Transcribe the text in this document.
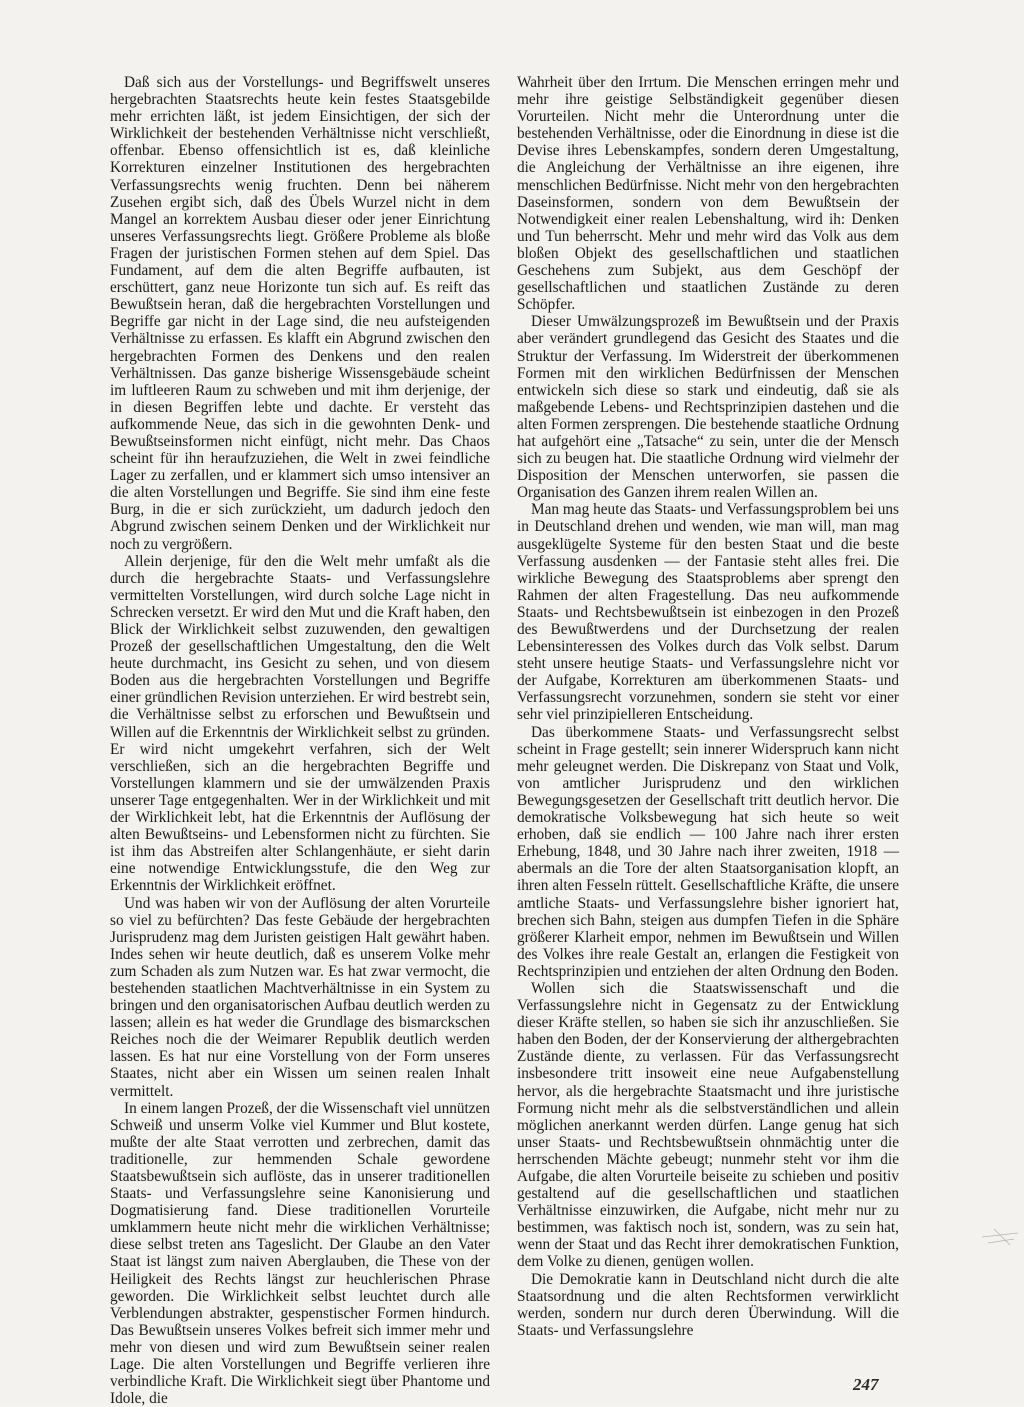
Daß sich aus der Vorstellungs- und Begriffswelt unseres hergebrachten Staatsrechts heute kein festes Staatsgebilde mehr errichten läßt, ist jedem Einsichtigen, der sich der Wirklichkeit der bestehenden Verhältnisse nicht verschließt, offenbar. Ebenso offensichtlich ist es, daß kleinliche Korrekturen einzelner Institutionen des hergebrachten Verfassungsrechts wenig fruchten. Denn bei näherem Zusehen ergibt sich, daß des Übels Wurzel nicht in dem Mangel an korrektem Ausbau dieser oder jener Einrichtung unseres Verfassungsrechts liegt. Größere Probleme als bloße Fragen der juristischen Formen stehen auf dem Spiel. Das Fundament, auf dem die alten Begriffe aufbauten, ist erschüttert, ganz neue Horizonte tun sich auf. Es reift das Bewußtsein heran, daß die hergebrachten Vorstellungen und Begriffe gar nicht in der Lage sind, die neu aufsteigenden Verhältnisse zu erfassen. Es klafft ein Abgrund zwischen den hergebrachten Formen des Denkens und den realen Verhältnissen. Das ganze bisherige Wissensgebäude scheint im luftleeren Raum zu schweben und mit ihm derjenige, der in diesen Begriffen lebte und dachte. Er versteht das aufkommende Neue, das sich in die gewohnten Denk- und Bewußtseinsformen nicht einfügt, nicht mehr. Das Chaos scheint für ihn heraufzuziehen, die Welt in zwei feindliche Lager zu zerfallen, und er klammert sich umso intensiver an die alten Vorstellungen und Begriffe. Sie sind ihm eine feste Burg, in die er sich zurückzieht, um dadurch jedoch den Abgrund zwischen seinem Denken und der Wirklichkeit nur noch zu vergrößern.

Allein derjenige, für den die Welt mehr umfaßt als die durch die hergebrachte Staats- und Verfassungslehre vermittelten Vorstellungen, wird durch solche Lage nicht in Schrecken versetzt. Er wird den Mut und die Kraft haben, den Blick der Wirklichkeit selbst zuzuwenden, den gewaltigen Prozeß der gesellschaftlichen Umgestaltung, den die Welt heute durchmacht, ins Gesicht zu sehen, und von diesem Boden aus die hergebrachten Vorstellungen und Begriffe einer gründlichen Revision unterziehen. Er wird bestrebt sein, die Verhältnisse selbst zu erforschen und Bewußtsein und Willen auf die Erkenntnis der Wirklichkeit selbst zu gründen. Er wird nicht umgekehrt verfahren, sich der Welt verschließen, sich an die hergebrachten Begriffe und Vorstellungen klammern und sie der umwälzenden Praxis unserer Tage entgegenhalten. Wer in der Wirklichkeit und mit der Wirklichkeit lebt, hat die Erkenntnis der Auflösung der alten Bewußtseins- und Lebensformen nicht zu fürchten. Sie ist ihm das Abstreifen alter Schlangenhäute, er sieht darin eine notwendige Entwicklungsstufe, die den Weg zur Erkenntnis der Wirklichkeit eröffnet.

Und was haben wir von der Auflösung der alten Vorurteile so viel zu befürchten? Das feste Gebäude der hergebrachten Jurisprudenz mag dem Juristen geistigen Halt gewährt haben. Indes sehen wir heute deutlich, daß es unserem Volke mehr zum Schaden als zum Nutzen war. Es hat zwar vermocht, die bestehenden staatlichen Machtverhältnisse in ein System zu bringen und den organisatorischen Aufbau deutlich werden zu lassen; allein es hat weder die Grundlage des bismarckschen Reiches noch die der Weimarer Republik deutlich werden lassen. Es hat nur eine Vorstellung von der Form unseres Staates, nicht aber ein Wissen um seinen realen Inhalt vermittelt.

In einem langen Prozeß, der die Wissenschaft viel unnützen Schweiß und unserm Volke viel Kummer und Blut kostete, mußte der alte Staat verrotten und zerbrechen, damit das traditionelle, zur hemmenden Schale gewordene Staatsbewußtsein sich auflöste, das in unserer traditionellen Staats- und Verfassungslehre seine Kanonisierung und Dogmatisierung fand. Diese traditionellen Vorurteile umklammern heute nicht mehr die wirklichen Verhältnisse; diese selbst treten ans Tageslicht. Der Glaube an den Vater Staat ist längst zum naiven Aberglauben, die These von der Heiligkeit des Rechts längst zur heuchlerischen Phrase geworden. Die Wirklichkeit selbst leuchtet durch alle Verblendungen abstrakter, gespenstischer Formen hindurch. Das Bewußtsein unseres Volkes befreit sich immer mehr und mehr von diesen und wird zum Bewußtsein seiner realen Lage. Die alten Vorstellungen und Begriffe verlieren ihre verbindliche Kraft. Die Wirklichkeit siegt über Phantome und Idole, die

Wahrheit über den Irrtum. Die Menschen erringen mehr und mehr ihre geistige Selbständigkeit gegenüber diesen Vorurteilen. Nicht mehr die Unterordnung unter die bestehenden Verhältnisse, oder die Einordnung in diese ist die Devise ihres Lebenskampfes, sondern deren Umgestaltung, die Angleichung der Verhältnisse an ihre eigenen, ihre menschlichen Bedürfnisse. Nicht mehr von den hergebrachten Daseinsformen, sondern von dem Bewußtsein der Notwendigkeit einer realen Lebenshaltung, wird ih: Denken und Tun beherrscht. Mehr und mehr wird das Volk aus dem bloßen Objekt des gesellschaftlichen und staatlichen Geschehens zum Subjekt, aus dem Geschöpf der gesellschaftlichen und staatlichen Zustände zu deren Schöpfer.

Dieser Umwälzungsprozeß im Bewußtsein und der Praxis aber verändert grundlegend das Gesicht des Staates und die Struktur der Verfassung. Im Widerstreit der überkommenen Formen mit den wirklichen Bedürfnissen der Menschen entwickeln sich diese so stark und eindeutig, daß sie als maßgebende Lebens- und Rechtsprinzipien dastehen und die alten Formen zersprengen. Die bestehende staatliche Ordnung hat aufgehört eine „Tatsache“ zu sein, unter die der Mensch sich zu beugen hat. Die staatliche Ordnung wird vielmehr der Disposition der Menschen unterworfen, sie passen die Organisation des Ganzen ihrem realen Willen an.

Man mag heute das Staats- und Verfassungsproblem bei uns in Deutschland drehen und wenden, wie man will, man mag ausgeklügelte Systeme für den besten Staat und die beste Verfassung ausdenken — der Fantasie steht alles frei. Die wirkliche Bewegung des Staatsproblems aber sprengt den Rahmen der alten Fragestellung. Das neu aufkommende Staats- und Rechtsbewußtsein ist einbezogen in den Prozeß des Bewußtwerdens und der Durchsetzung der realen Lebensinteressen des Volkes durch das Volk selbst. Darum steht unsere heutige Staats- und Verfassungslehre nicht vor der Aufgabe, Korrekturen am überkommenen Staats- und Verfassungsrecht vorzunehmen, sondern sie steht vor einer sehr viel prinzipielleren Entscheidung.

Das überkommene Staats- und Verfassungsrecht selbst scheint in Frage gestellt; sein innerer Widerspruch kann nicht mehr geleugnet werden. Die Diskrepanz von Staat und Volk, von amtlicher Jurisprudenz und den wirklichen Bewegungsgesetzen der Gesellschaft tritt deutlich hervor. Die demokratische Volksbewegung hat sich heute so weit erhoben, daß sie endlich — 100 Jahre nach ihrer ersten Erhebung, 1848, und 30 Jahre nach ihrer zweiten, 1918 — abermals an die Tore der alten Staatsorganisation klopft, an ihren alten Fesseln rüttelt. Gesellschaftliche Kräfte, die unsere amtliche Staats- und Verfassungslehre bisher ignoriert hat, brechen sich Bahn, steigen aus dumpfen Tiefen in die Sphäre größerer Klarheit empor, nehmen im Bewußtsein und Willen des Volkes ihre reale Gestalt an, erlangen die Festigkeit von Rechtsprinzipien und entziehen der alten Ordnung den Boden.

Wollen sich die Staatswissenschaft und die Verfassungslehre nicht in Gegensatz zu der Entwicklung dieser Kräfte stellen, so haben sie sich ihr anzuschließen. Sie haben den Boden, der der Konservierung der althergebrachten Zustände diente, zu verlassen. Für das Verfassungsrecht insbesondere tritt insoweit eine neue Aufgabenstellung hervor, als die hergebrachte Staatsmacht und ihre juristische Formung nicht mehr als die selbstverständlichen und allein möglichen anerkannt werden dürfen. Lange genug hat sich unser Staats- und Rechtsbewußtsein ohnmächtig unter die herrschenden Mächte gebeugt; nunmehr steht vor ihm die Aufgabe, die alten Vorurteile beiseite zu schieben und positiv gestaltend auf die gesellschaftlichen und staatlichen Verhältnisse einzuwirken, die Aufgabe, nicht mehr nur zu bestimmen, was faktisch noch ist, sondern, was zu sein hat, wenn der Staat und das Recht ihrer demokratischen Funktion, dem Volke zu dienen, genügen wollen.

Die Demokratie kann in Deutschland nicht durch die alte Staatsordnung und die alten Rechtsformen verwirklicht werden, sondern nur durch deren Überwindung. Will die Staats- und Verfassungslehre

247
